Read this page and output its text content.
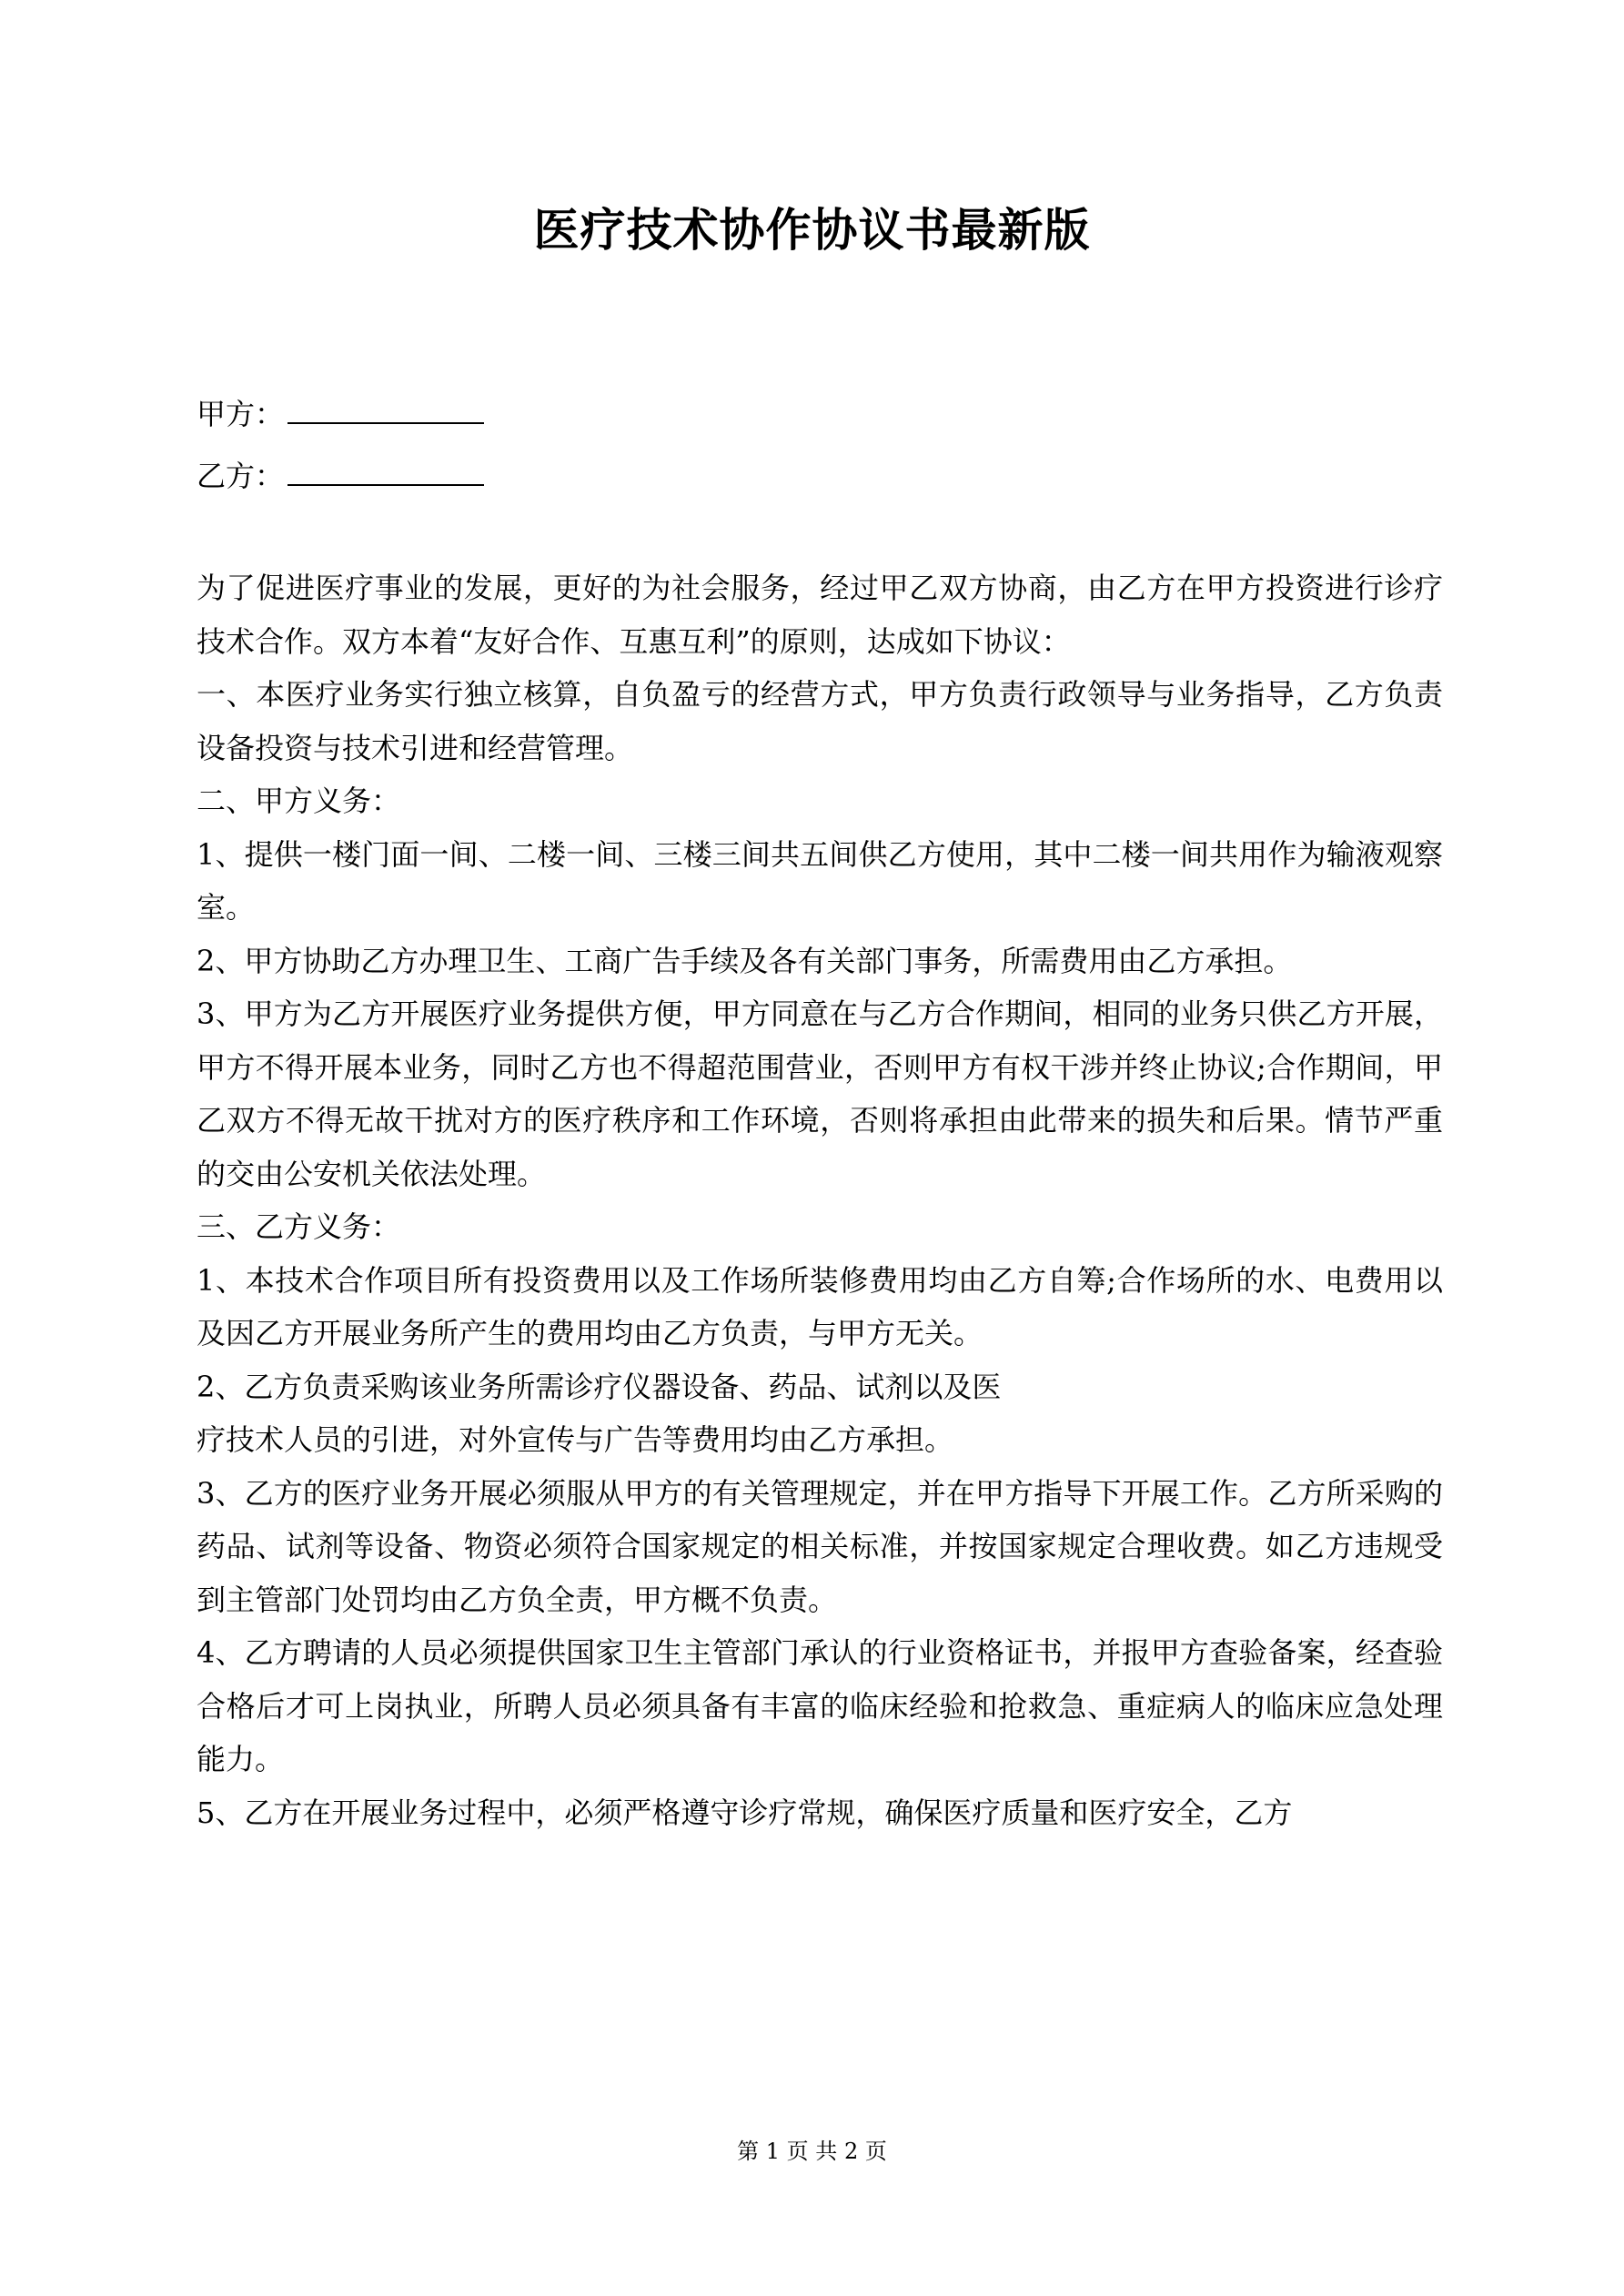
医疗技术协作协议书最新版

甲方：

乙方：

为了促进医疗事业的发展，更好的为社会服务，经过甲乙双方协商，由乙方在甲方投资进行诊疗技术合作。双方本着“友好合作、互惠互利”的原则，达成如下协议：

一、本医疗业务实行独立核算，自负盈亏的经营方式，甲方负责行政领导与业务指导，乙方负责设备投资与技术引进和经营管理。

二、甲方义务：

1、提供一楼门面一间、二楼一间、三楼三间共五间供乙方使用，其中二楼一间共用作为输液观察室。

2、甲方协助乙方办理卫生、工商广告手续及各有关部门事务，所需费用由乙方承担。

3、甲方为乙方开展医疗业务提供方便，甲方同意在与乙方合作期间，相同的业务只供乙方开展，甲方不得开展本业务，同时乙方也不得超范围营业，否则甲方有权干涉并终止协议;合作期间，甲乙双方不得无故干扰对方的医疗秩序和工作环境，否则将承担由此带来的损失和后果。情节严重的交由公安机关依法处理。

三、乙方义务：

1、本技术合作项目所有投资费用以及工作场所装修费用均由乙方自筹;合作场所的水、电费用以及因乙方开展业务所产生的费用均由乙方负责，与甲方无关。

2、乙方负责采购该业务所需诊疗仪器设备、药品、试剂以及医

疗技术人员的引进，对外宣传与广告等费用均由乙方承担。

3、乙方的医疗业务开展必须服从甲方的有关管理规定，并在甲方指导下开展工作。乙方所采购的药品、试剂等设备、物资必须符合国家规定的相关标准，并按国家规定合理收费。如乙方违规受到主管部门处罚均由乙方负全责，甲方概不负责。

4、乙方聘请的人员必须提供国家卫生主管部门承认的行业资格证书，并报甲方查验备案，经查验合格后才可上岗执业，所聘人员必须具备有丰富的临床经验和抢救急、重症病人的临床应急处理能力。

5、乙方在开展业务过程中，必须严格遵守诊疗常规，确保医疗质量和医疗安全，乙方

第 1 页 共 2 页
